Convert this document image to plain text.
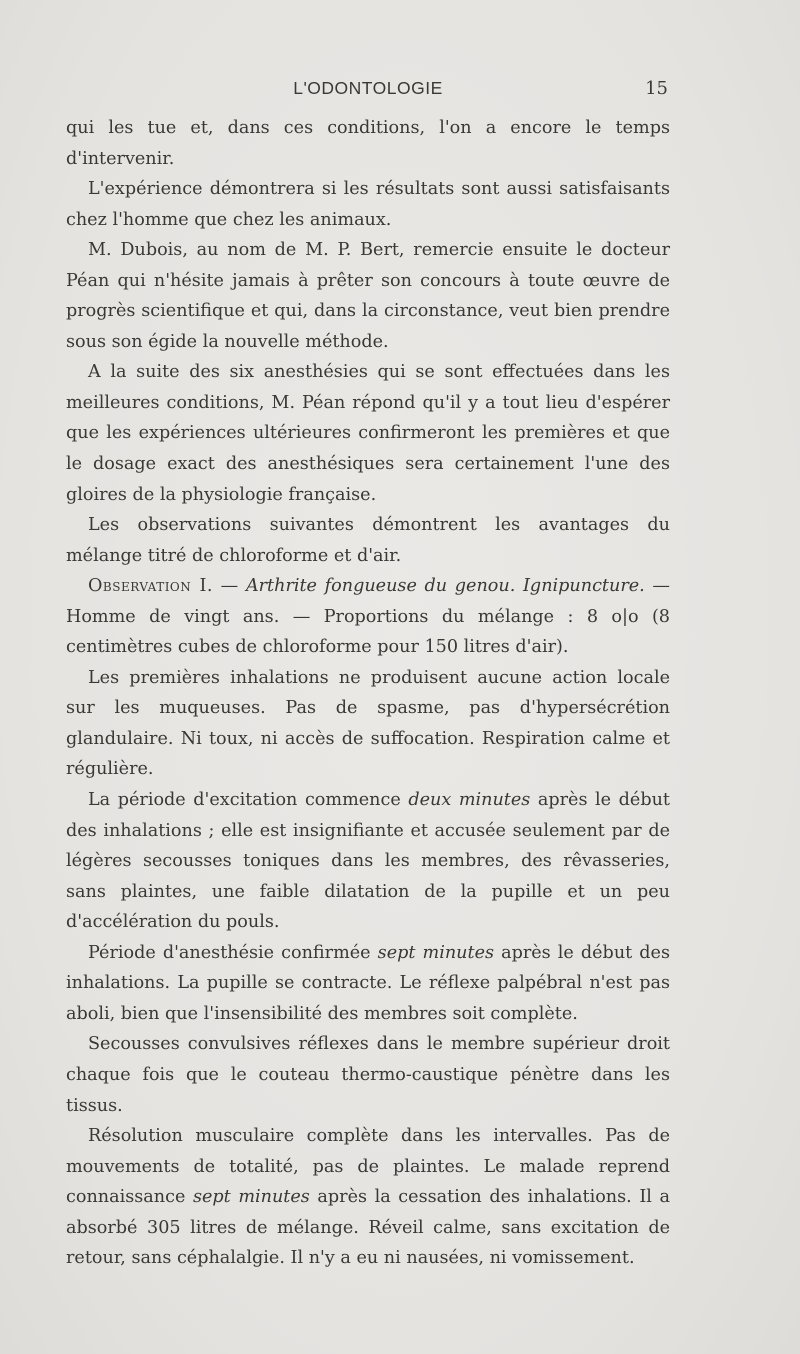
L'ODONTOLOGIE	15

qui les tue et, dans ces conditions, l'on a encore le temps d'intervenir.

L'expérience démontrera si les résultats sont aussi satisfaisants chez l'homme que chez les animaux.

M. Dubois, au nom de M. P. Bert, remercie ensuite le docteur Péan qui n'hésite jamais à prêter son concours à toute œuvre de progrès scientifique et qui, dans la circonstance, veut bien prendre sous son égide la nouvelle méthode.

A la suite des six anesthésies qui se sont effectuées dans les meilleures conditions, M. Péan répond qu'il y a tout lieu d'espérer que les expériences ultérieures confirmeront les premières et que le dosage exact des anesthésiques sera certainement l'une des gloires de la physiologie française.

Les observations suivantes démontrent les avantages du mélange titré de chloroforme et d'air.

Observation I. — Arthrite fongueuse du genou. Ignipuncture. — Homme de vingt ans. — Proportions du mélange : 8 o|o (8 centimètres cubes de chloroforme pour 150 litres d'air).

Les premières inhalations ne produisent aucune action locale sur les muqueuses. Pas de spasme, pas d'hypersécrétion glandulaire. Ni toux, ni accès de suffocation. Respiration calme et régulière.

La période d'excitation commence deux minutes après le début des inhalations ; elle est insignifiante et accusée seulement par de légères secousses toniques dans les membres, des rêvasseries, sans plaintes, une faible dilatation de la pupille et un peu d'accélération du pouls.

Période d'anesthésie confirmée sept minutes après le début des inhalations. La pupille se contracte. Le réflexe palpébral n'est pas aboli, bien que l'insensibilité des membres soit complète.

Secousses convulsives réflexes dans le membre supérieur droit chaque fois que le couteau thermo-caustique pénètre dans les tissus.

Résolution musculaire complète dans les intervalles. Pas de mouvements de totalité, pas de plaintes. Le malade reprend connaissance sept minutes après la cessation des inhalations. Il a absorbé 305 litres de mélange. Réveil calme, sans excitation de retour, sans céphalalgie. Il n'y a eu ni nausées, ni vomissement.
